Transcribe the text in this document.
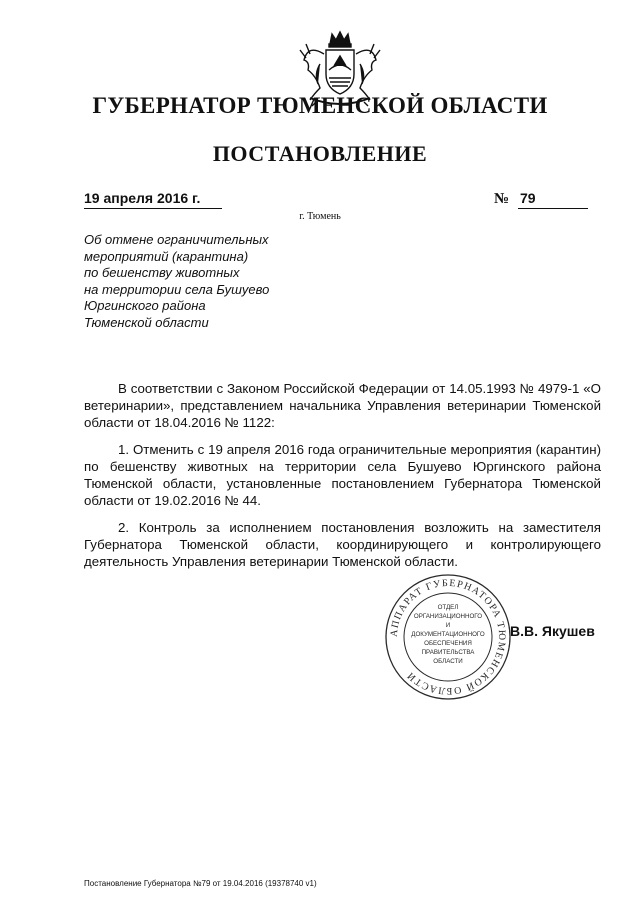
ГУБЕРНАТОР ТЮМЕНСКОЙ ОБЛАСТИ
ПОСТАНОВЛЕНИЕ
19 апреля 2016 г.	№ 79
г. Тюмень
Об отмене ограничительных
мероприятий (карантина)
по бешенству животных
на территории села Бушуево
Юргинского района
Тюменской области

В соответствии с Законом Российской Федерации от 14.05.1993 № 4979-1 «О ветеринарии», представлением начальника Управления ветеринарии Тюменской области от 18.04.2016 № 1122:

1. Отменить с 19 апреля 2016 года ограничительные мероприятия (карантин) по бешенству животных на территории села Бушуево Юргинского района Тюменской области, установленные постановлением Губернатора Тюменской области от 19.02.2016 № 44.

2. Контроль за исполнением постановления возложить на заместителя Губернатора Тюменской области, координирующего и контролирующего деятельность Управления ветеринарии Тюменской области.

АППАРАТ ГУБЕРНАТОРА ТЮМЕНСКОЙ ОБЛАСТИ
ОТДЕЛ
ОРГАНИЗАЦИОННОГО
И
ДОКУМЕНТАЦИОННОГО
ОБЕСПЕЧЕНИЯ
ПРАВИТЕЛЬСТВА
ОБЛАСТИ
В.В. Якушев
Постановление Губернатора №79 от 19.04.2016 (19378740 v1)
